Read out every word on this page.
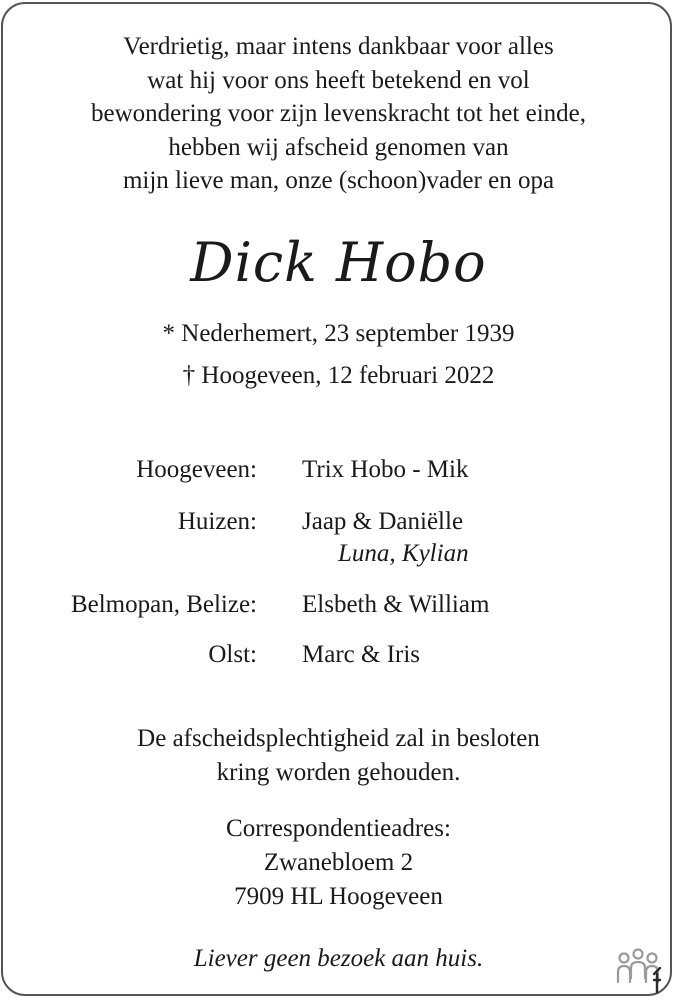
Verdrietig, maar intens dankbaar voor alles
wat hij voor ons heeft betekend en vol
bewondering voor zijn levenskracht tot het einde,
hebben wij afscheid genomen van
mijn lieve man, onze (schoon)vader en opa
Dick Hobo
* Nederhemert, 23 september 1939
† Hoogeveen, 12 februari 2022
Hoogeveen: Trix Hobo - Mik
Huizen: Jaap & Daniëlle
Luna, Kylian
Belmopan, Belize: Elsbeth & William
Olst: Marc & Iris
De afscheidsplechtigheid zal in besloten
kring worden gehouden.
Correspondentieadres:
Zwanebloem 2
7909 HL Hoogeveen
Liever geen bezoek aan huis.
